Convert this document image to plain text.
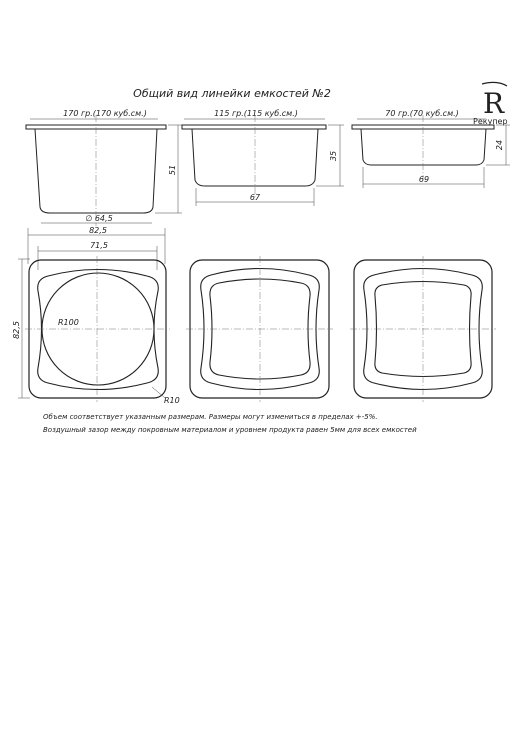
Общий вид линейки емкостей №2	R
Рекупер
170 гр.(170 куб.см.)
51
∅ 64,5
115 гр.(115 куб.см.)
35
67
70 гр.(70 куб.см.)
24
69
82,5
71,5
82,5	R100
R10
Объем соответствует указанным размерам. Размеры могут измениться в пределах +-5%.
Воздушный зазор между покровным материалом и уровнем продукта равен 5мм для всех емкостей
